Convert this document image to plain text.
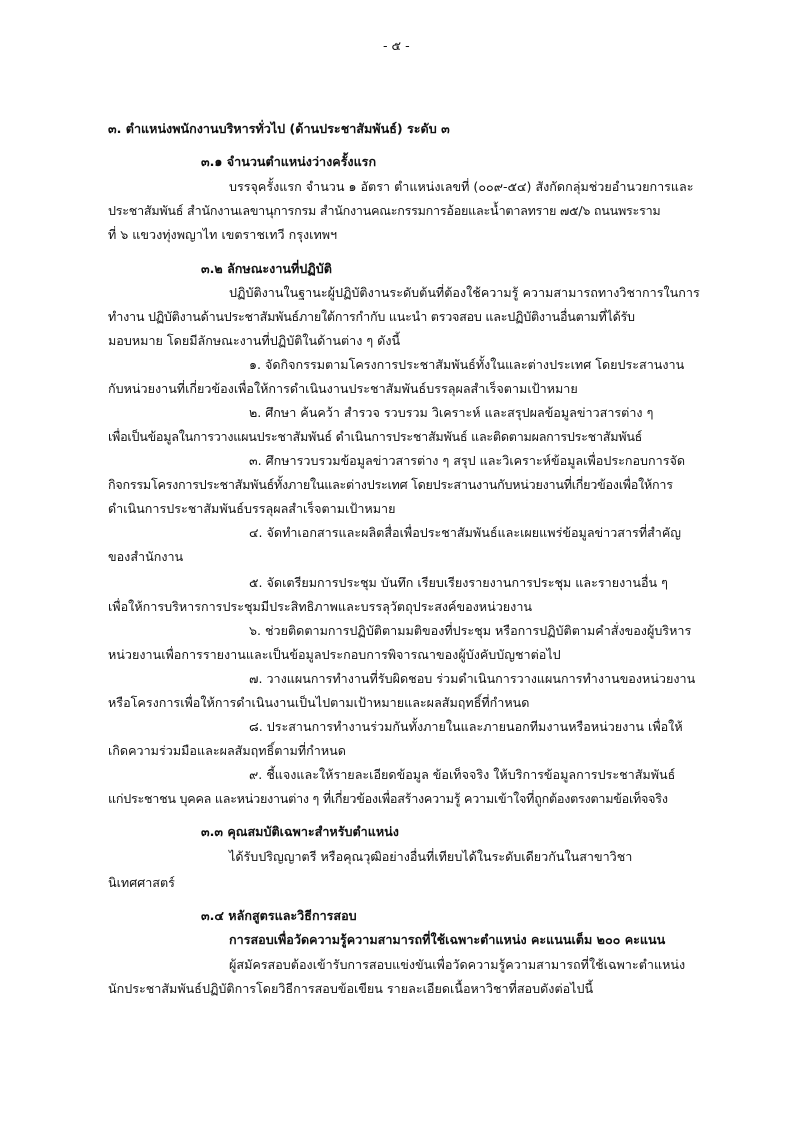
- ๕ -
๓. ตำแหน่งพนักงานบริหารทั่วไป (ด้านประชาสัมพันธ์) ระดับ ๓
๓.๑ จำนวนตำแหน่งว่างครั้งแรก
บรรจุครั้งแรก จำนวน ๑ อัตรา ตำแหน่งเลขที่ (๐๐๙-๕๔) สังกัดกลุ่มช่วยอำนวยการและ
ประชาสัมพันธ์ สำนักงานเลขานุการกรม สำนักงานคณะกรรมการอ้อยและน้ำตาลทราย ๗๕/๖ ถนนพระราม
ที่ ๖ แขวงทุ่งพญาไท เขตราชเทวี กรุงเทพฯ
๓.๒ ลักษณะงานที่ปฏิบัติ
ปฏิบัติงานในฐานะผู้ปฏิบัติงานระดับต้นที่ต้องใช้ความรู้ ความสามารถทางวิชาการในการ
ทำงาน ปฏิบัติงานด้านประชาสัมพันธ์ภายใต้การกำกับ แนะนำ ตรวจสอบ และปฏิบัติงานอื่นตามที่ได้รับ
มอบหมาย โดยมีลักษณะงานที่ปฏิบัติในด้านต่าง ๆ ดังนี้
๑. จัดกิจกรรมตามโครงการประชาสัมพันธ์ทั้งในและต่างประเทศ โดยประสานงาน
กับหน่วยงานที่เกี่ยวข้องเพื่อให้การดำเนินงานประชาสัมพันธ์บรรลุผลสำเร็จตามเป้าหมาย
๒. ศึกษา ค้นคว้า สำรวจ รวบรวม วิเคราะห์ และสรุปผลข้อมูลข่าวสารต่าง ๆ
เพื่อเป็นข้อมูลในการวางแผนประชาสัมพันธ์ ดำเนินการประชาสัมพันธ์ และติดตามผลการประชาสัมพันธ์
๓. ศึกษารวบรวมข้อมูลข่าวสารต่าง ๆ สรุป และวิเคราะห์ข้อมูลเพื่อประกอบการจัด
กิจกรรมโครงการประชาสัมพันธ์ทั้งภายในและต่างประเทศ โดยประสานงานกับหน่วยงานที่เกี่ยวข้องเพื่อให้การ
ดำเนินการประชาสัมพันธ์บรรลุผลสำเร็จตามเป้าหมาย
๔. จัดทำเอกสารและผลิตสื่อเพื่อประชาสัมพันธ์และเผยแพร่ข้อมูลข่าวสารที่สำคัญ
ของสำนักงาน
๕. จัดเตรียมการประชุม บันทึก เรียบเรียงรายงานการประชุม และรายงานอื่น ๆ
เพื่อให้การบริหารการประชุมมีประสิทธิภาพและบรรลุวัตถุประสงค์ของหน่วยงาน
๖. ช่วยติดตามการปฏิบัติตามมติของที่ประชุม หรือการปฏิบัติตามคำสั่งของผู้บริหาร
หน่วยงานเพื่อการรายงานและเป็นข้อมูลประกอบการพิจารณาของผู้บังคับบัญชาต่อไป
๗. วางแผนการทำงานที่รับผิดชอบ ร่วมดำเนินการวางแผนการทำงานของหน่วยงาน
หรือโครงการเพื่อให้การดำเนินงานเป็นไปตามเป้าหมายและผลสัมฤทธิ์ที่กำหนด
๘. ประสานการทำงานร่วมกันทั้งภายในและภายนอกทีมงานหรือหน่วยงาน เพื่อให้
เกิดความร่วมมือและผลสัมฤทธิ์ตามที่กำหนด
๙. ชี้แจงและให้รายละเอียดข้อมูล ข้อเท็จจริง ให้บริการข้อมูลการประชาสัมพันธ์
แก่ประชาชน บุคคล และหน่วยงานต่าง ๆ ที่เกี่ยวข้องเพื่อสร้างความรู้ ความเข้าใจที่ถูกต้องตรงตามข้อเท็จจริง
๓.๓ คุณสมบัติเฉพาะสำหรับตำแหน่ง
ได้รับปริญญาตรี หรือคุณวุฒิอย่างอื่นที่เทียบได้ในระดับเดียวกันในสาขาวิชา
นิเทศศาสตร์
๓.๔ หลักสูตรและวิธีการสอบ
การสอบเพื่อวัดความรู้ความสามารถที่ใช้เฉพาะตำแหน่ง คะแนนเต็ม ๒๐๐ คะแนน
ผู้สมัครสอบต้องเข้ารับการสอบแข่งขันเพื่อวัดความรู้ความสามารถที่ใช้เฉพาะตำแหน่ง
นักประชาสัมพันธ์ปฏิบัติการโดยวิธีการสอบข้อเขียน รายละเอียดเนื้อหาวิชาที่สอบดังต่อไปนี้
